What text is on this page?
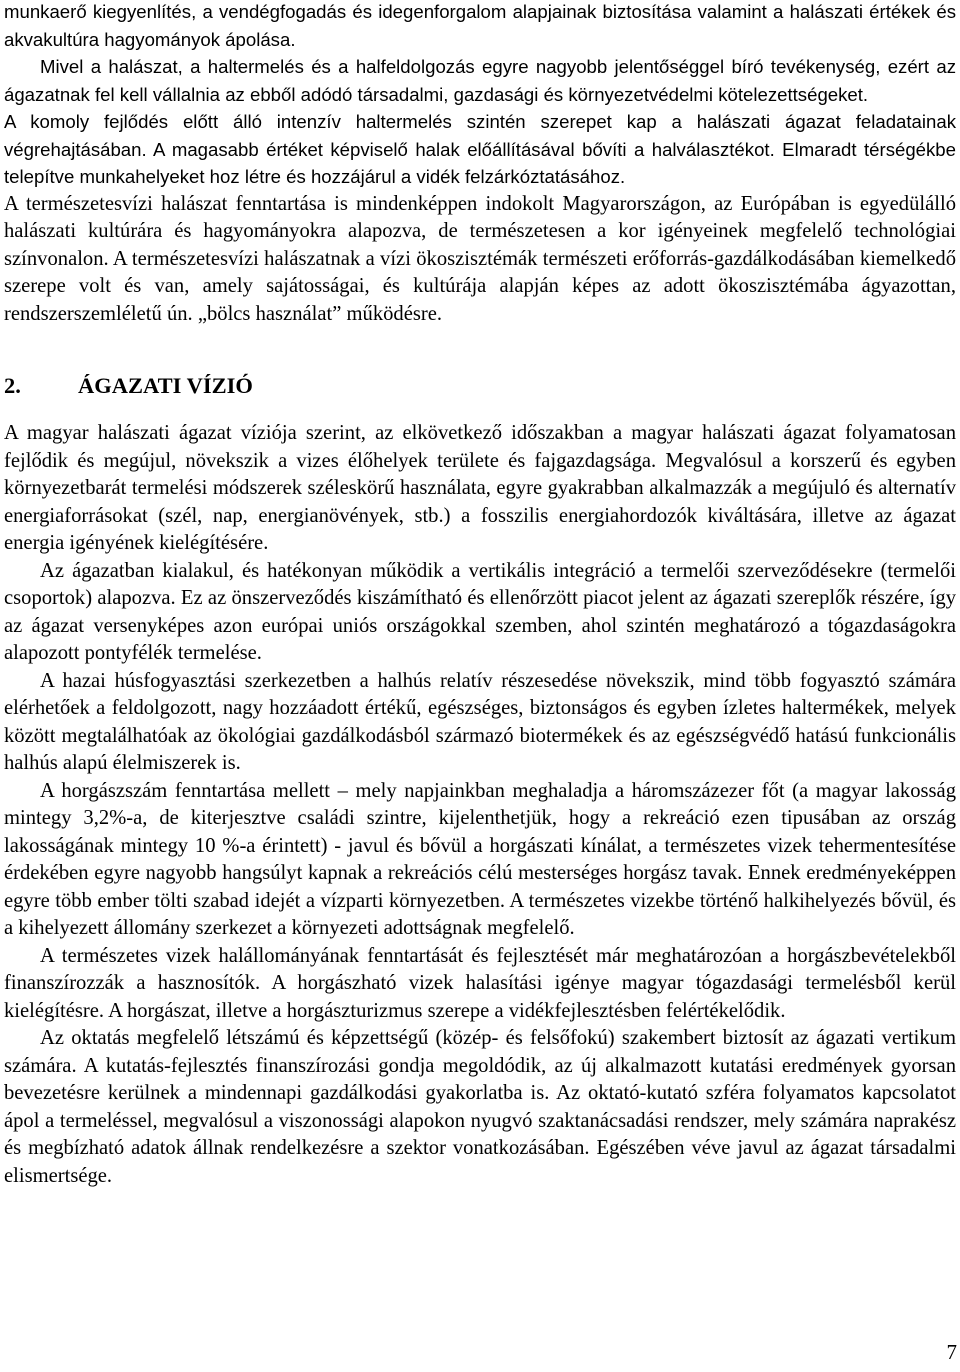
munkaerő kiegyenlítés, a vendégfogadás és idegenforgalom alapjainak biztosítása valamint a halászati értékek és akvakultúra hagyományok ápolása.

Mivel a halászat, a haltermelés és a halfeldolgozás egyre nagyobb jelentőséggel bíró tevékenység, ezért az ágazatnak fel kell vállalnia az ebből adódó társadalmi, gazdasági és környezetvédelmi kötelezettségeket.

A komoly fejlődés előtt álló intenzív haltermelés szintén szerepet kap a halászati ágazat feladatainak végrehajtásában. A magasabb értéket képviselő halak előállításával bővíti a halválasztékot. Elmaradt térségékbe telepítve munkahelyeket hoz létre és hozzájárul a vidék felzárkóztatásához.

A természetesvízi halászat fenntartása is mindenképpen indokolt Magyarországon, az Európában is egyedülálló halászati kultúrára és hagyományokra alapozva, de természetesen a kor igényeinek megfelelő technológiai színvonalon. A természetesvízi halászatnak a vízi ökoszisztémák természeti erőforrás-gazdálkodásában kiemelkedő szerepe volt és van, amely sajátosságai, és kultúrája alapján képes az adott ökoszisztémába ágyazottan, rendszerszemléletű ún. „bölcs használat” működésre.

2.	ÁGAZATI VÍZIÓ

A magyar halászati ágazat víziója szerint, az elkövetkező időszakban a magyar halászati ágazat folyamatosan fejlődik és megújul, növekszik a vizes élőhelyek területe és fajgazdagsága. Megvalósul a korszerű és egyben környezetbarát termelési módszerek széleskörű használata, egyre gyakrabban alkalmazzák a megújuló és alternatív energiaforrásokat (szél, nap, energianövények, stb.) a fosszilis energiahordozók kiváltására, illetve az ágazat energia igényének kielégítésére.

Az ágazatban kialakul, és hatékonyan működik a vertikális integráció a termelői szerveződésekre (termelői csoportok) alapozva. Ez az önszerveződés kiszámítható és ellenőrzött piacot jelent az ágazati szereplők részére, így az ágazat versenyképes azon európai uniós országokkal szemben, ahol szintén meghatározó a tógazdaságokra alapozott pontyfélék termelése.

A hazai húsfogyasztási szerkezetben a halhús relatív részesedése növekszik, mind több fogyasztó számára elérhetőek a feldolgozott, nagy hozzáadott értékű, egészséges, biztonságos és egyben ízletes haltermékek, melyek között megtalálhatóak az ökológiai gazdálkodásból származó biotermékek és az egészségvédő hatású funkcionális halhús alapú élelmiszerek is.

A horgászszám fenntartása mellett – mely napjainkban meghaladja a háromszázezer főt (a magyar lakosság mintegy 3,2%-a, de kiterjesztve családi szintre, kijelenthetjük, hogy a rekreáció ezen tipusában az ország lakosságának mintegy 10 %-a érintett) - javul és bővül a horgászati kínálat, a természetes vizek tehermentesítése érdekében egyre nagyobb hangsúlyt kapnak a rekreációs célú mesterséges horgász tavak. Ennek eredményeképpen egyre több ember tölti szabad idejét a vízparti környezetben. A természetes vizekbe történő halkihelyezés bővül, és a kihelyezett állomány szerkezet a környezeti adottságnak megfelelő.

A természetes vizek halállományának fenntartását és fejlesztését már meghatározóan a horgászbevételekből finanszírozzák a hasznosítók. A horgászható vizek halasítási igénye magyar tógazdasági termelésből kerül kielégítésre. A horgászat, illetve a horgászturizmus szerepe a vidékfejlesztésben felértékelődik.

Az oktatás megfelelő létszámú és képzettségű (közép- és felsőfokú) szakembert biztosít az ágazati vertikum számára. A kutatás-fejlesztés finanszírozási gondja megoldódik, az új alkalmazott kutatási eredmények gyorsan bevezetésre kerülnek a mindennapi gazdálkodási gyakorlatba is. Az oktató-kutató szféra folyamatos kapcsolatot ápol a termeléssel, megvalósul a viszonossági alapokon nyugvó szaktanácsadási rendszer, mely számára naprakész és megbízható adatok állnak rendelkezésre a szektor vonatkozásában. Egészében véve javul az ágazat társadalmi elismertsége.

7
